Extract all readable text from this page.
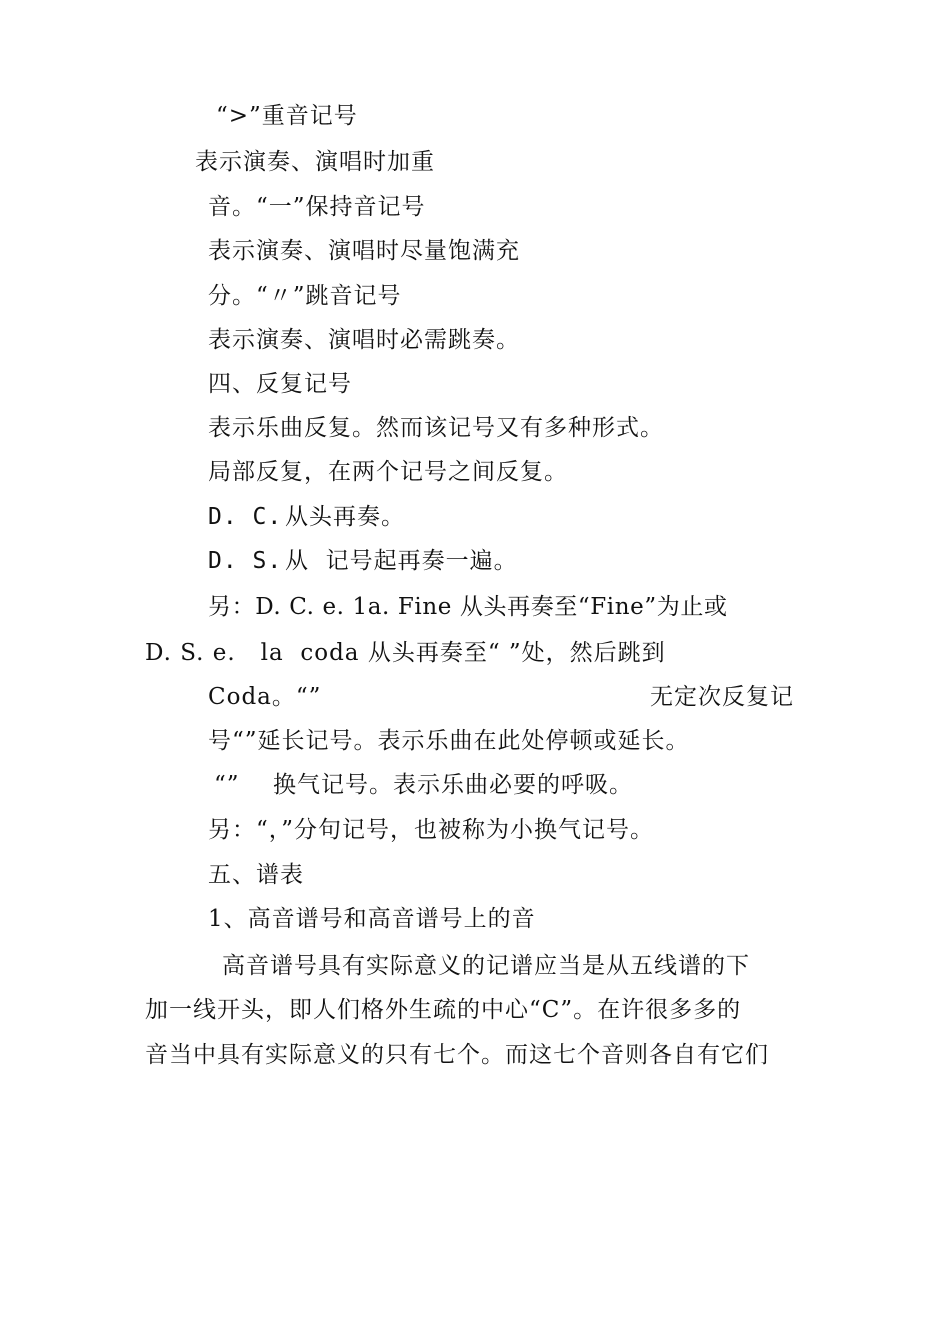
“>”重音记号
表示演奏、演唱时加重
音。“一”保持音记号
表示演奏、演唱时尽量饱满充
分。“〃”跳音记号
表示演奏、演唱时必需跳奏。
四、反复记号
表示乐曲反复。然而该记号又有多种形式。
局部反复，在两个记号之间反复。
D. C. 从头再奏。
D. S. 从  记号起再奏一遍。
另：D. C. e. 1a. Fine 从头再奏至“Fine”为止或
D. S. e.   la  coda 从头再奏至“ ”处，然后跳到
Coda。“”	无定次反复记
号“”延长记号。表示乐曲在此处停顿或延长。
“” 换气记号。表示乐曲必要的呼吸。
另：“，”分句记号，也被称为小换气记号。
五、谱表
1、高音谱号和高音谱号上的音
高音谱号具有实际意义的记谱应当是从五线谱的下
加一线开头，即人们格外生疏的中心“C”。在许很多多的
音当中具有实际意义的只有七个。而这七个音则各自有它们
